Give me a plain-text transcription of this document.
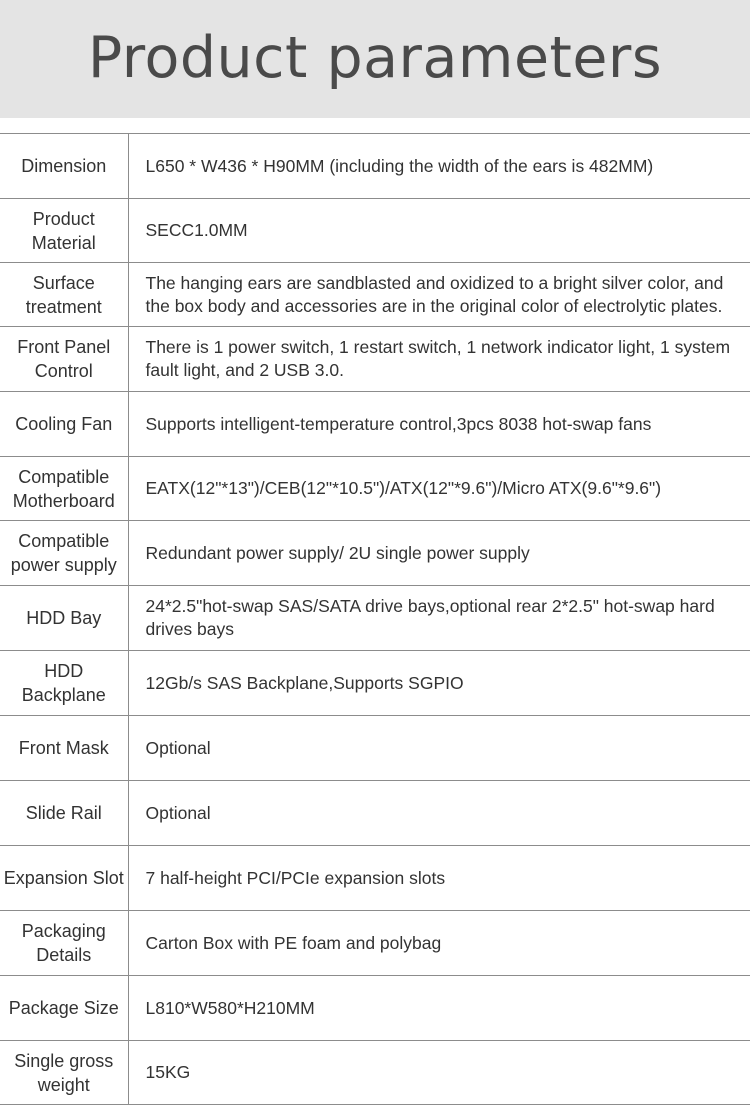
Product parameters
Dimension	L650 * W436 * H90MM (including the width of the ears is 482MM)
Product Material	SECC1.0MM
Surface treatment	The hanging ears are sandblasted and oxidized to a bright silver color, and the box body and accessories are in the original color of electrolytic plates.
Front Panel Control	There is 1 power switch, 1 restart switch, 1 network indicator light, 1 system fault light, and 2 USB 3.0.
Cooling Fan	Supports intelligent-temperature control,3pcs 8038 hot-swap fans
Compatible Motherboard	EATX(12"*13")/CEB(12"*10.5")/ATX(12"*9.6")/Micro ATX(9.6"*9.6")
Compatible power supply	Redundant power supply/ 2U single power supply
HDD Bay	24*2.5"hot-swap SAS/SATA drive bays,optional rear 2*2.5" hot-swap hard drives bays
HDD Backplane	12Gb/s SAS Backplane,Supports SGPIO
Front Mask	Optional
Slide Rail	Optional
Expansion Slot	7 half-height PCI/PCIe expansion slots
Packaging Details	Carton Box with PE foam and polybag
Package Size	L810*W580*H210MM
Single gross weight	15KG
